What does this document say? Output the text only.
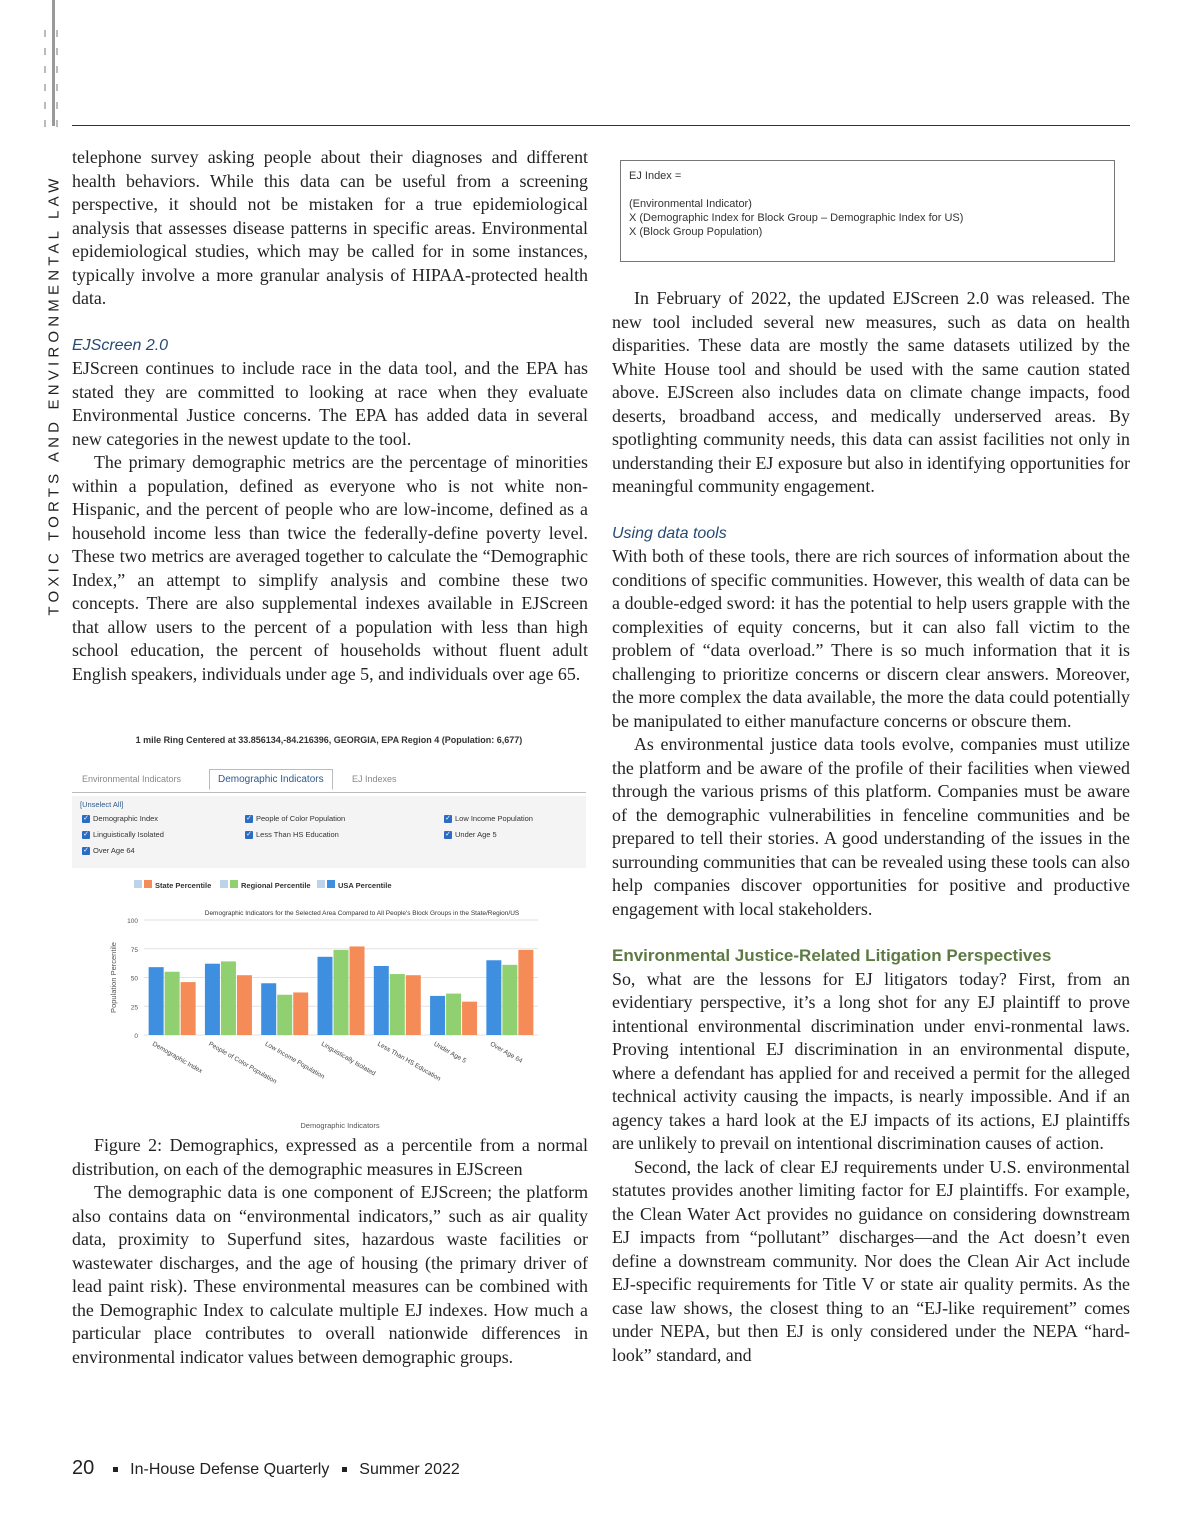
TOXIC TORTS AND ENVIRONMENTAL LAW

telephone survey asking people about their diagnoses and different health behaviors. While this data can be useful from a screening perspective, it should not be mistaken for a true epidemiological analysis that assesses disease patterns in specific areas. Environmental epidemiological studies, which may be called for in some instances, typically involve a more granular analysis of HIPAA-protected health data.

EJScreen 2.0

EJScreen continues to include race in the data tool, and the EPA has stated they are committed to looking at race when they evaluate Environmental Justice concerns. The EPA has added data in several new categories in the newest update to the tool.

The primary demographic metrics are the percentage of minorities within a population, defined as everyone who is not white non-Hispanic, and the percent of people who are low-income, defined as a household income less than twice the federally-define poverty level. These two metrics are averaged together to calculate the “Demographic Index,” an attempt to simplify analysis and combine these two concepts. There are also supplemental indexes available in EJScreen that allow users to the percent of a population with less than high school education, the percent of households without fluent adult English speakers, individuals under age 5, and individuals over age 65.

1 mile Ring Centered at 33.856134,-84.216396, GEORGIA, EPA Region 4 (Population: 6,677)
Environmental Indicators	Demographic Indicators	EJ Indexes
[Unselect All]
✓ Demographic Index	✓ People of Color Population	✓ Low Income Population
✓ Linguistically Isolated	✓ Less Than HS Education	✓ Under Age 5
✓ Over Age 64
State Percentile	Regional Percentile	USA Percentile
Demographic Indicators for the Selected Area Compared to All People's Block Groups in the State/Region/US
0
25
50
75
100
Population Percentile
Demographic Index People of Color Population
Low Income Population
Linguistically Isolated Less Than HS Education
Under Age 5	Over Age 64
Demographic Indicators

Figure 2: Demographics, expressed as a percentile from a normal distribution, on each of the demographic measures in EJScreen

The demographic data is one component of EJScreen; the platform also contains data on “environmental indicators,” such as air quality data, proximity to Superfund sites, hazardous waste facilities or wastewater discharges, and the age of housing (the primary driver of lead paint risk). These environmental measures can be combined with the Demographic Index to calculate multiple EJ indexes. How much a particular place contributes to overall nationwide differences in environmental indicator values between demographic groups.

EJ Index =
(Environmental Indicator)
X (Demographic Index for Block Group – Demographic Index for US)
X (Block Group Population)

In February of 2022, the updated EJScreen 2.0 was released. The new tool included several new measures, such as data on health disparities. These data are mostly the same datasets utilized by the White House tool and should be used with the same caution stated above. EJScreen also includes data on climate change impacts, food deserts, broadband access, and medically underserved areas. By spotlighting community needs, this data can assist facilities not only in understanding their EJ exposure but also in identifying opportunities for meaningful community engagement.

Using data tools

With both of these tools, there are rich sources of information about the conditions of specific communities. However, this wealth of data can be a double-edged sword: it has the potential to help users grapple with the complexities of equity concerns, but it can also fall victim to the problem of “data overload.” There is so much information that it is challenging to prioritize concerns or discern clear answers. Moreover, the more complex the data available, the more the data could potentially be manipulated to either manufacture concerns or obscure them.

As environmental justice data tools evolve, companies must utilize the platform and be aware of the profile of their facilities when viewed through the various prisms of this platform. Companies must be aware of the demographic vulnerabilities in fenceline communities and be prepared to tell their stories. A good understanding of the issues in the surrounding communities that can be revealed using these tools can also help companies discover opportunities for positive and productive engagement with local stakeholders.

Environmental Justice-Related Litigation Perspectives

So, what are the lessons for EJ litigators today? First, from an evidentiary perspective, it’s a long shot for any EJ plaintiff to prove intentional environmental discrimination under envi-ronmental laws. Proving intentional EJ discrimination in an environmental dispute, where a defendant has applied for and received a permit for the alleged technical activity causing the impacts, is nearly impossible. And if an agency takes a hard look at the EJ impacts of its actions, EJ plaintiffs are unlikely to prevail on intentional discrimination causes of action.

Second, the lack of clear EJ requirements under U.S. environmental statutes provides another limiting factor for EJ plaintiffs. For example, the Clean Water Act provides no guidance on considering downstream EJ impacts from “pollutant” discharges—and the Act doesn’t even define a downstream community. Nor does the Clean Air Act include EJ-specific requirements for Title V or state air quality permits. As the case law shows, the closest thing to an “EJ-like requirement” comes under NEPA, but then EJ is only considered under the NEPA “hard-look” standard, and

20 In-House Defense Quarterly Summer 2022
